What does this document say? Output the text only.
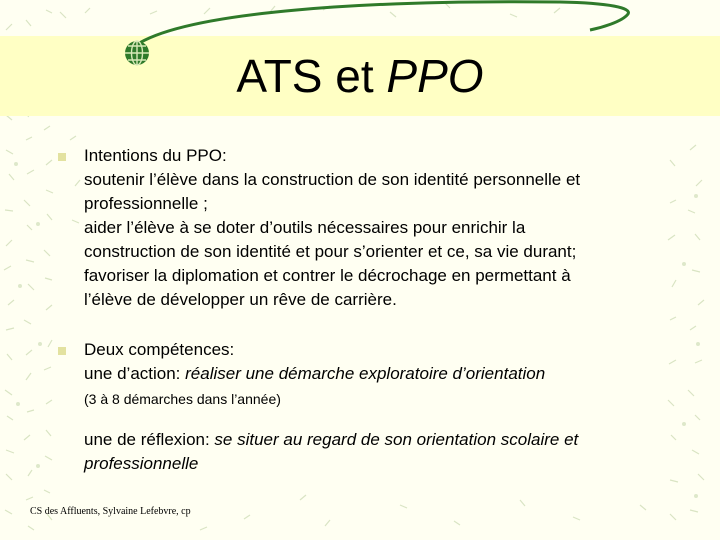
ATS et PPO
Intentions du PPO:
soutenir l’élève dans la construction de son identité personnelle et
professionnelle ;
aider l’élève à se doter d’outils nécessaires pour enrichir la
construction de son identité et pour s’orienter et ce, sa vie durant;
favoriser la diplomation et contrer le décrochage en permettant à
l’élève de développer un rêve de carrière.
Deux compétences:
une d’action: réaliser une démarche exploratoire d’orientation
(3 à 8 démarches dans l’année)
une de réflexion: se situer au regard de son orientation scolaire et
professionnelle
CS des Affluents, Sylvaine Lefebvre, cp
